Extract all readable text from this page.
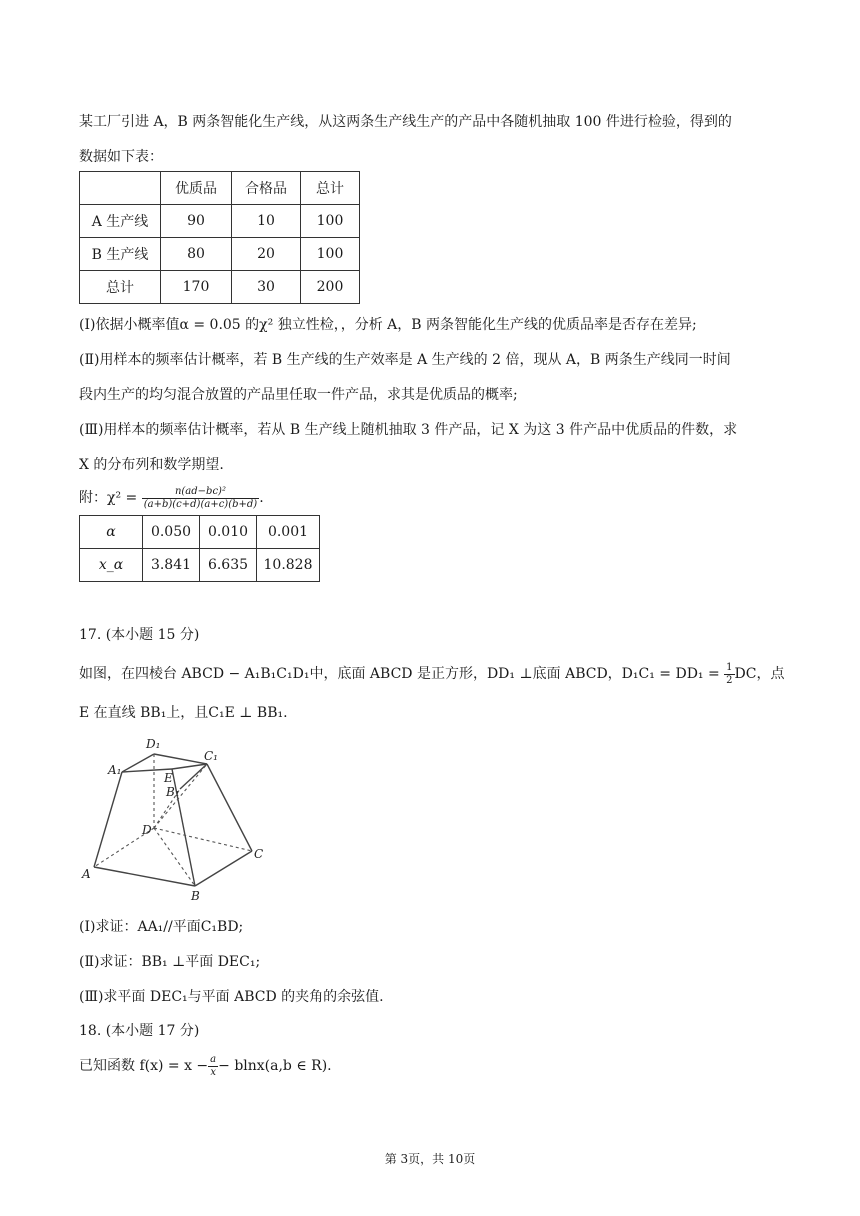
某工厂引进 A，B 两条智能化生产线，从这两条生产线生产的产品中各随机抽取 100 件进行检验，得到的
数据如下表：
	优质品	合格品	总计
A 生产线	90	10	100
B 生产线	80	20	100
总计	170	30	200
(Ⅰ)依据小概率值α = 0.05 的χ² 独立性检，，分析 A，B 两条智能化生产线的优质品率是否存在差异;
(Ⅱ)用样本的频率估计概率，若 B 生产线的生产效率是 A 生产线的 2 倍，现从 A，B 两条生产线同一时间
段内生产的均匀混合放置的产品里任取一件产品，求其是优质品的概率;
(Ⅲ)用样本的频率估计概率，若从 B 生产线上随机抽取 3 件产品，记 X 为这 3 件产品中优质品的件数，求
X 的分布列和数学期望.
附：$\chi^2 = \frac{\text{n(ad−bc)²}}{(a+b)(c+d)(a+c)(b+d)}$ .
α	0.050	0.010	0.001
x_α	3.841	6.635	10.828
17. (本小题 15 分)
如图，在四棱台 ABCD − A₁B₁C₁D₁中，底面 ABCD 是正方形，DD₁ ⊥底面 ABCD，$D_1C_1 = DD_1 = \frac{1}{2}$ DC，点
E 在直线 BB₁上，且C₁E ⊥ BB₁.
D₁
C₁
A₁
E
B₁
D
C
A
B
(Ⅰ)求证：AA₁//平面C₁BD;
(Ⅱ)求证：BB₁ ⊥平面 DEC₁;
(Ⅲ)求平面 DEC₁与平面 ABCD 的夹角的余弦值.
18. (本小题 17 分)
已知函数 $f(x) = x - \frac{a}{x} - blnx(a,b$ ∈ R).
第 3页，共 10页
